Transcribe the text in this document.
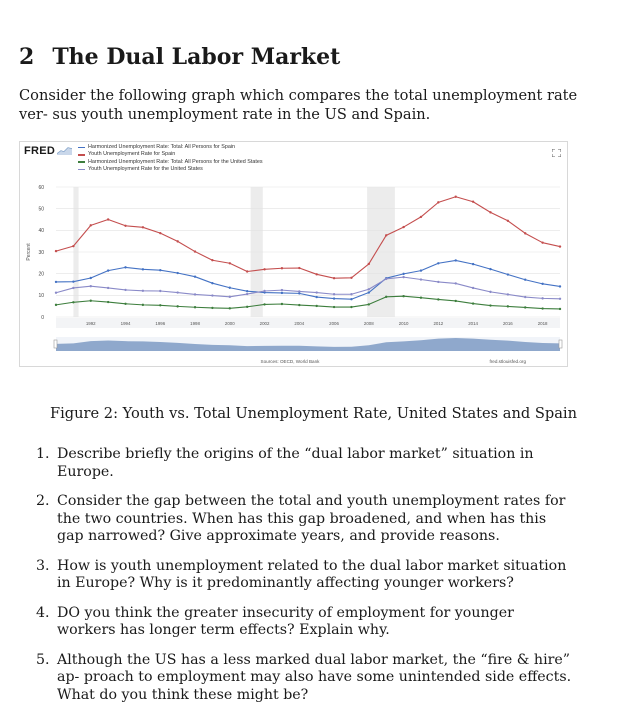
2 The Dual Labor Market
Consider the following graph which compares the total unemployment rate ver- sus youth unemployment rate in the US and Spain.
0
10
20
30
40
50
60
1992	1994	1996	1998	2000	2002	2004	2006	2008	2010	2012	2014	2016	2018
Percent
Sources: OECD, World Bank	fred.stlouisfed.org
FRED	Harmonized Unemployment Rate: Total: All Persons for Spain
Youth Unemployment Rate for Spain
Harmonized Unemployment Rate: Total: All Persons for the United States
Youth Unemployment Rate for the United States
Figure 2: Youth vs. Total Unemployment Rate, United States and Spain
1. Describe briefly the origins of the “dual labor market” situation in Europe.
2. Consider the gap between the total and youth unemployment rates for the two countries. When has this gap broadened, and when has this gap narrowed? Give approximate years, and provide reasons.
3. How is youth unemployment related to the dual labor market situation in Europe? Why is it predominantly affecting younger workers?
4. DO you think the greater insecurity of employment for younger workers has longer term effects? Explain why.
5. Although the US has a less marked dual labor market, the “fire & hire” ap- proach to employment may also have some unintended side effects. What do you think these might be?
